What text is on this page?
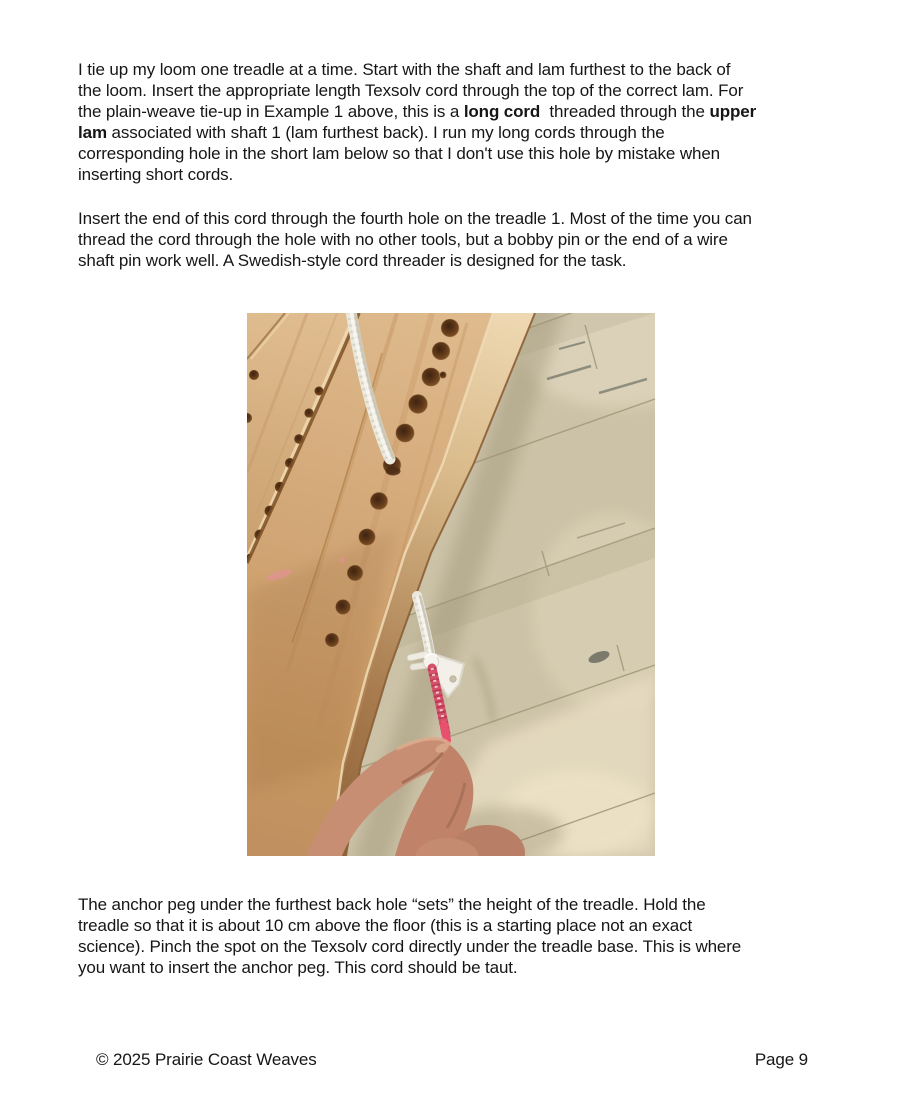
I tie up my loom one treadle at a time. Start with the shaft and lam furthest to the back of
the loom. Insert the appropriate length Texsolv cord through the top of the correct lam. For
the plain-weave tie-up in Example 1 above, this is a long cord  threaded through the upper
lam associated with shaft 1 (lam furthest back). I run my long cords through the
corresponding hole in the short lam below so that I don't use this hole by mistake when
inserting short cords.
Insert the end of this cord through the fourth hole on the treadle 1. Most of the time you can
thread the cord through the hole with no other tools, but a bobby pin or the end of a wire
shaft pin work well. A Swedish-style cord threader is designed for the task.
The anchor peg under the furthest back hole “sets” the height of the treadle. Hold the
treadle so that it is about 10 cm above the floor (this is a starting place not an exact
science). Pinch the spot on the Texsolv cord directly under the treadle base. This is where
you want to insert the anchor peg. This cord should be taut.
© 2025 Prairie Coast Weaves	Page 9
